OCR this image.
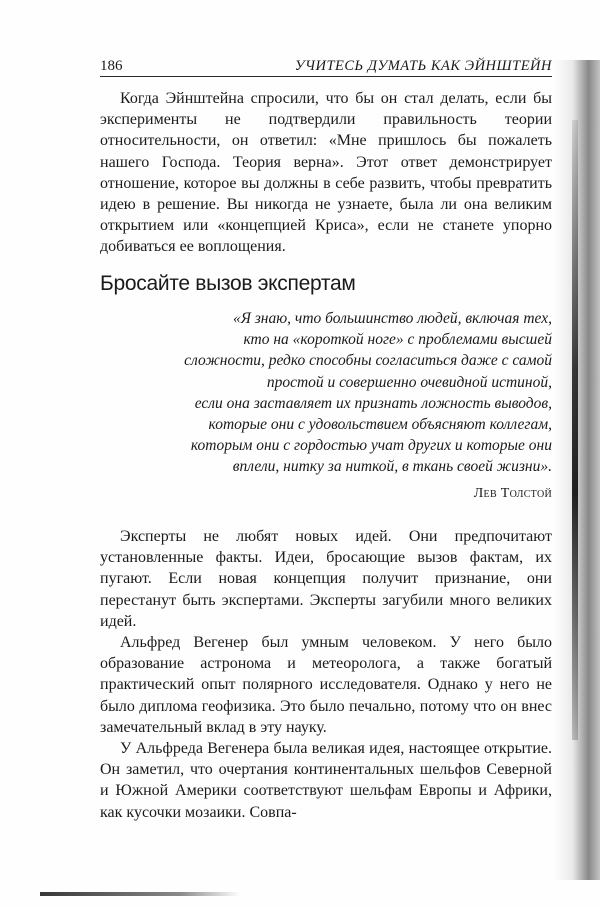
186	УЧИТЕСЬ ДУМАТЬ КАК ЭЙНШТЕЙН

Когда Эйнштейна спросили, что бы он стал делать, если бы эксперименты не подтвердили правильность теории относительности, он ответил: «Мне пришлось бы пожалеть нашего Господа. Теория верна». Этот ответ демонстрирует отношение, которое вы должны в себе развить, чтобы превратить идею в решение. Вы никогда не узнаете, была ли она великим открытием или «концепцией Криса», если не станете упорно добиваться ее воплощения.

Бросайте вызов экспертам
«Я знаю, что большинство людей, включая тех,
кто на «короткой ноге» с проблемами высшей
сложности, редко способны согласиться даже с самой
простой и совершенно очевидной истиной,
если она заставляет их признать ложность выводов,
которые они с удовольствием объясняют коллегам,
которым они с гордостью учат других и которые они
вплели, нитку за ниткой, в ткань своей жизни».
Лев Толстой

Эксперты не любят новых идей. Они предпочитают установленные факты. Идеи, бросающие вызов фактам, их пугают. Если новая концепция получит признание, они перестанут быть экспертами. Эксперты загубили много великих идей.

Альфред Вегенер был умным человеком. У него было образование астронома и метеоролога, а также богатый практический опыт полярного исследователя. Однако у него не было диплома геофизика. Это было печально, потому что он внес замечательный вклад в эту науку.

У Альфреда Вегенера была великая идея, настоящее открытие. Он заметил, что очертания континентальных шельфов Северной и Южной Америки соответствуют шельфам Европы и Африки, как кусочки мозаики. Совпа-
